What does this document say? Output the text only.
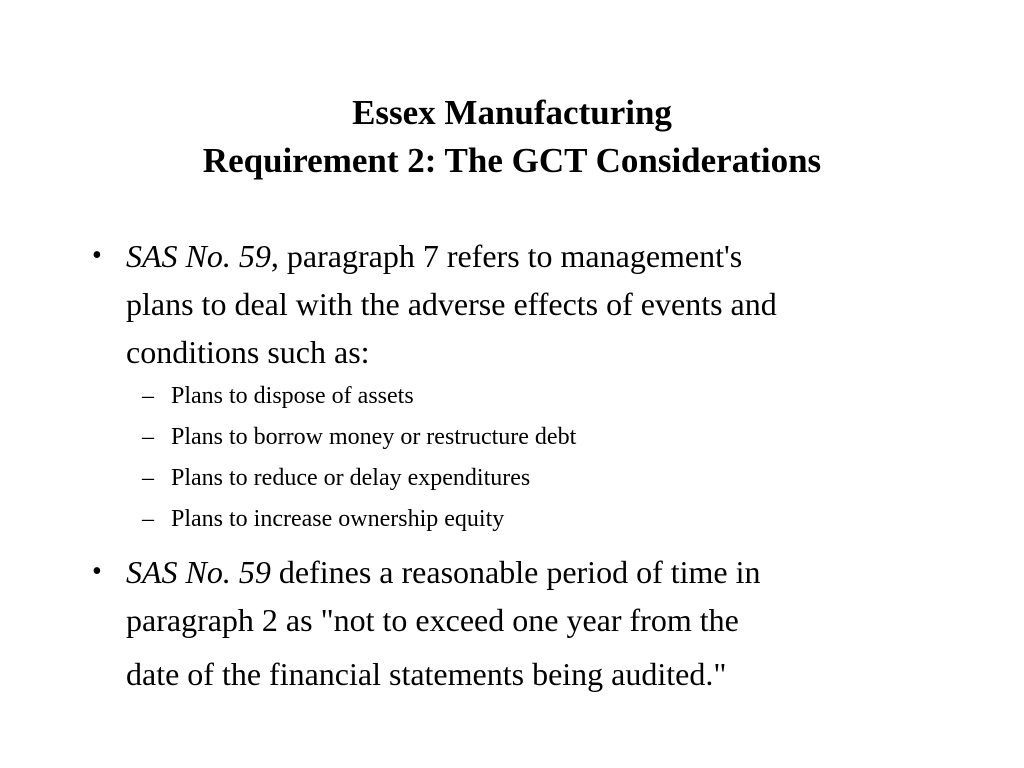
Essex Manufacturing
Requirement 2: The GCT Considerations
• SAS No. 59, paragraph 7 refers to management's
plans to deal with the adverse effects of events and
conditions such as:
– Plans to dispose of assets
– Plans to borrow money or restructure debt
– Plans to reduce or delay expenditures
– Plans to increase ownership equity
• SAS No. 59 defines a reasonable period of time in
paragraph 2 as "not to exceed one year from the
date of the financial statements being audited."
